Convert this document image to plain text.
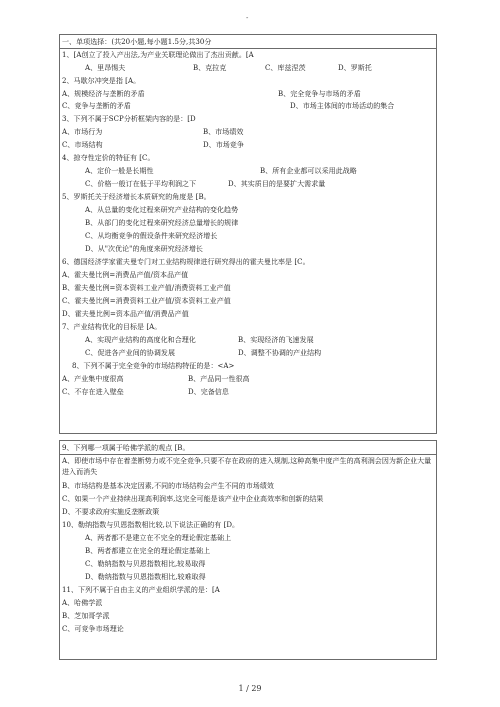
-
一、单项选择：(共20小题,每小题1.5分,共30分
1、[A创立了投入产出法,为产业关联理论做出了杰出贡献。[A
A、里昂惕夫	B、克拉克	C、库兹涅茨	D、罗斯托
2、马歇尔冲突是指 [A。
A、规模经济与垄断的矛盾	B、完全竞争与市场的矛盾
C、竞争与垄断的矛盾	D、市场主体间的市场活动的集合
3、下列不属于SCP分析框架内容的是：[D
A、市场行为	B、市场绩效
C、市场结构	D、市场竞争
4、掠夺性定价的特征有 [C。
A、定价一般是长期性	B、所有企业都可以采用此战略
C、价格一般订在低于平均利润之下	D、其实质目的是要扩大需求量
5、罗斯托关于经济增长本质研究的角度是 [B。
A、从总量的变化过程来研究产业结构的变化趋势
B、从部门的变化过程来研究经济总量增长的规律
C、从均衡竞争的假设条件来研究经济增长
D、从"次优论"的角度来研究经济增长
6、德国经济学家霍夫曼专门对工业结构规律进行研究得出的霍夫曼比率是 [C。
A、霍夫曼比例=消费品产值/资本品产值
B、霍夫曼比例=资本资料工业产值/消费资料工业产值
C、霍夫曼比例=消费资料工业产值/资本资料工业产值
D、霍夫曼比例=资本品产值/消费品产值
7、产业结构优化的目标是 [A。
A、实现产业结构的高度化和合理化	B、实现经济的飞速发展
C、促进各产业间的协调发展	D、调整不协调的产业结构
8、下列不属于完全竞争的市场结构特征的是：<A>
A、产业集中度很高	B、产品同一性很高
C、不存在进入壁垒	D、完备信息
9、下列哪一项属于哈佛学派的观点 [B。
A、即使市场中存在着垄断势力或不完全竞争,只要不存在政府的进入规制,这种高集中度产生的高利润会因为新企业大量进入而消失
B、市场结构是基本决定因素,不同的市场结构会产生不同的市场绩效
C、如果一个产业持续出现高利润率,这完全可能是该产业中企业高效率和创新的结果
D、不要求政府实施反垄断政策
10、勒纳指数与贝恩指数相比较,以下说法正确的有 [D。
A、两者都不是建立在不完全的理论假定基础上
B、两者都建立在完全的理论假定基础上
C、勒纳指数与贝恩指数相比,较易取得
D、勒纳指数与贝恩指数相比,较难取得
11、下列不属于自由主义的产业组织学派的是：[A
A、哈佛学派
B、芝加哥学派
C、可竞争市场理论
1 / 29
